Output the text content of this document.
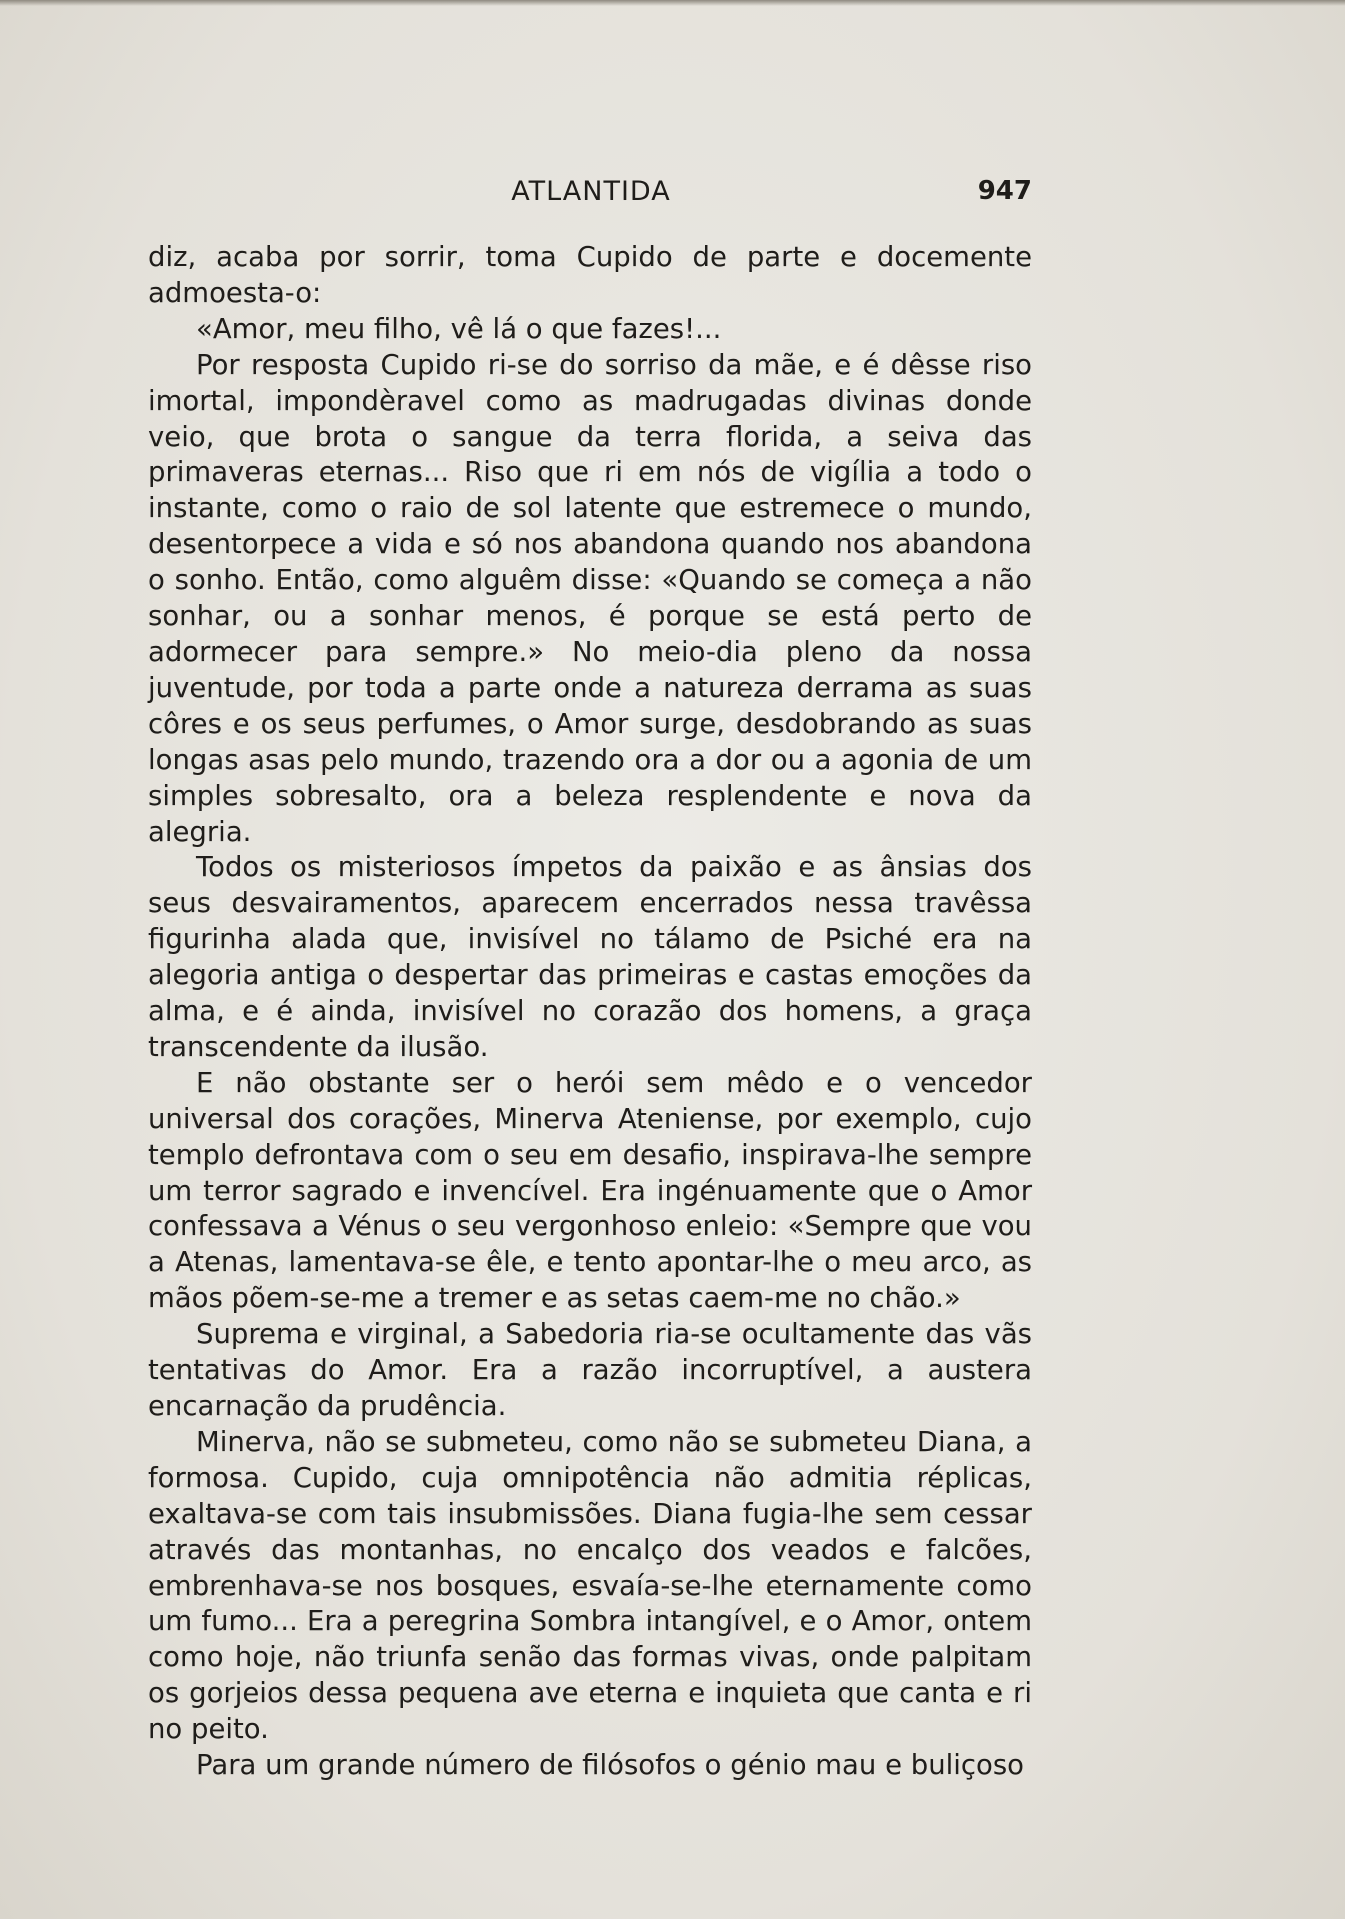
ATLANTIDA	947

diz, acaba por sorrir, toma Cupido de parte e docemente admoesta-o:

«Amor, meu filho, vê lá o que fazes!...

Por resposta Cupido ri-se do sorriso da mãe, e é dêsse riso imortal, impondèravel como as madrugadas divinas donde veio, que brota o sangue da terra florida, a seiva das primaveras eternas... Riso que ri em nós de vigília a todo o instante, como o raio de sol latente que estremece o mundo, desentorpece a vida e só nos abandona quando nos abandona o sonho. Então, como alguêm disse: «Quando se começa a não sonhar, ou a sonhar menos, é porque se está perto de adormecer para sempre.» No meio-dia pleno da nossa juventude, por toda a parte onde a natureza derrama as suas côres e os seus perfumes, o Amor surge, desdobrando as suas longas asas pelo mundo, trazendo ora a dor ou a agonia de um simples sobresalto, ora a beleza resplendente e nova da alegria.

Todos os misteriosos ímpetos da paixão e as ânsias dos seus desvairamentos, aparecem encerrados nessa travêssa figurinha alada que, invisível no tálamo de Psiché era na alegoria antiga o despertar das primeiras e castas emoções da alma, e é ainda, invisível no corazão dos homens, a graça transcendente da ilusão.

E não obstante ser o herói sem mêdo e o vencedor universal dos corações, Minerva Ateniense, por exemplo, cujo templo defrontava com o seu em desafio, inspirava-lhe sempre um terror sagrado e invencível. Era ingénuamente que o Amor confessava a Vénus o seu vergonhoso enleio: «Sempre que vou a Atenas, lamentava-se êle, e tento apontar-lhe o meu arco, as mãos põem-se-me a tremer e as setas caem-me no chão.»

Suprema e virginal, a Sabedoria ria-se ocultamente das vãs tentativas do Amor. Era a razão incorruptível, a austera encarnação da prudência.

Minerva, não se submeteu, como não se submeteu Diana, a formosa. Cupido, cuja omnipotência não admitia réplicas, exaltava-se com tais insubmissões. Diana fugia-lhe sem cessar através das montanhas, no encalço dos veados e falcões, embrenhava-se nos bosques, esvaía-se-lhe eternamente como um fumo... Era a peregrina Sombra intangível, e o Amor, ontem como hoje, não triunfa senão das formas vivas, onde palpitam os gorjeios dessa pequena ave eterna e inquieta que canta e ri no peito.

Para um grande número de filósofos o génio mau e buliçoso
